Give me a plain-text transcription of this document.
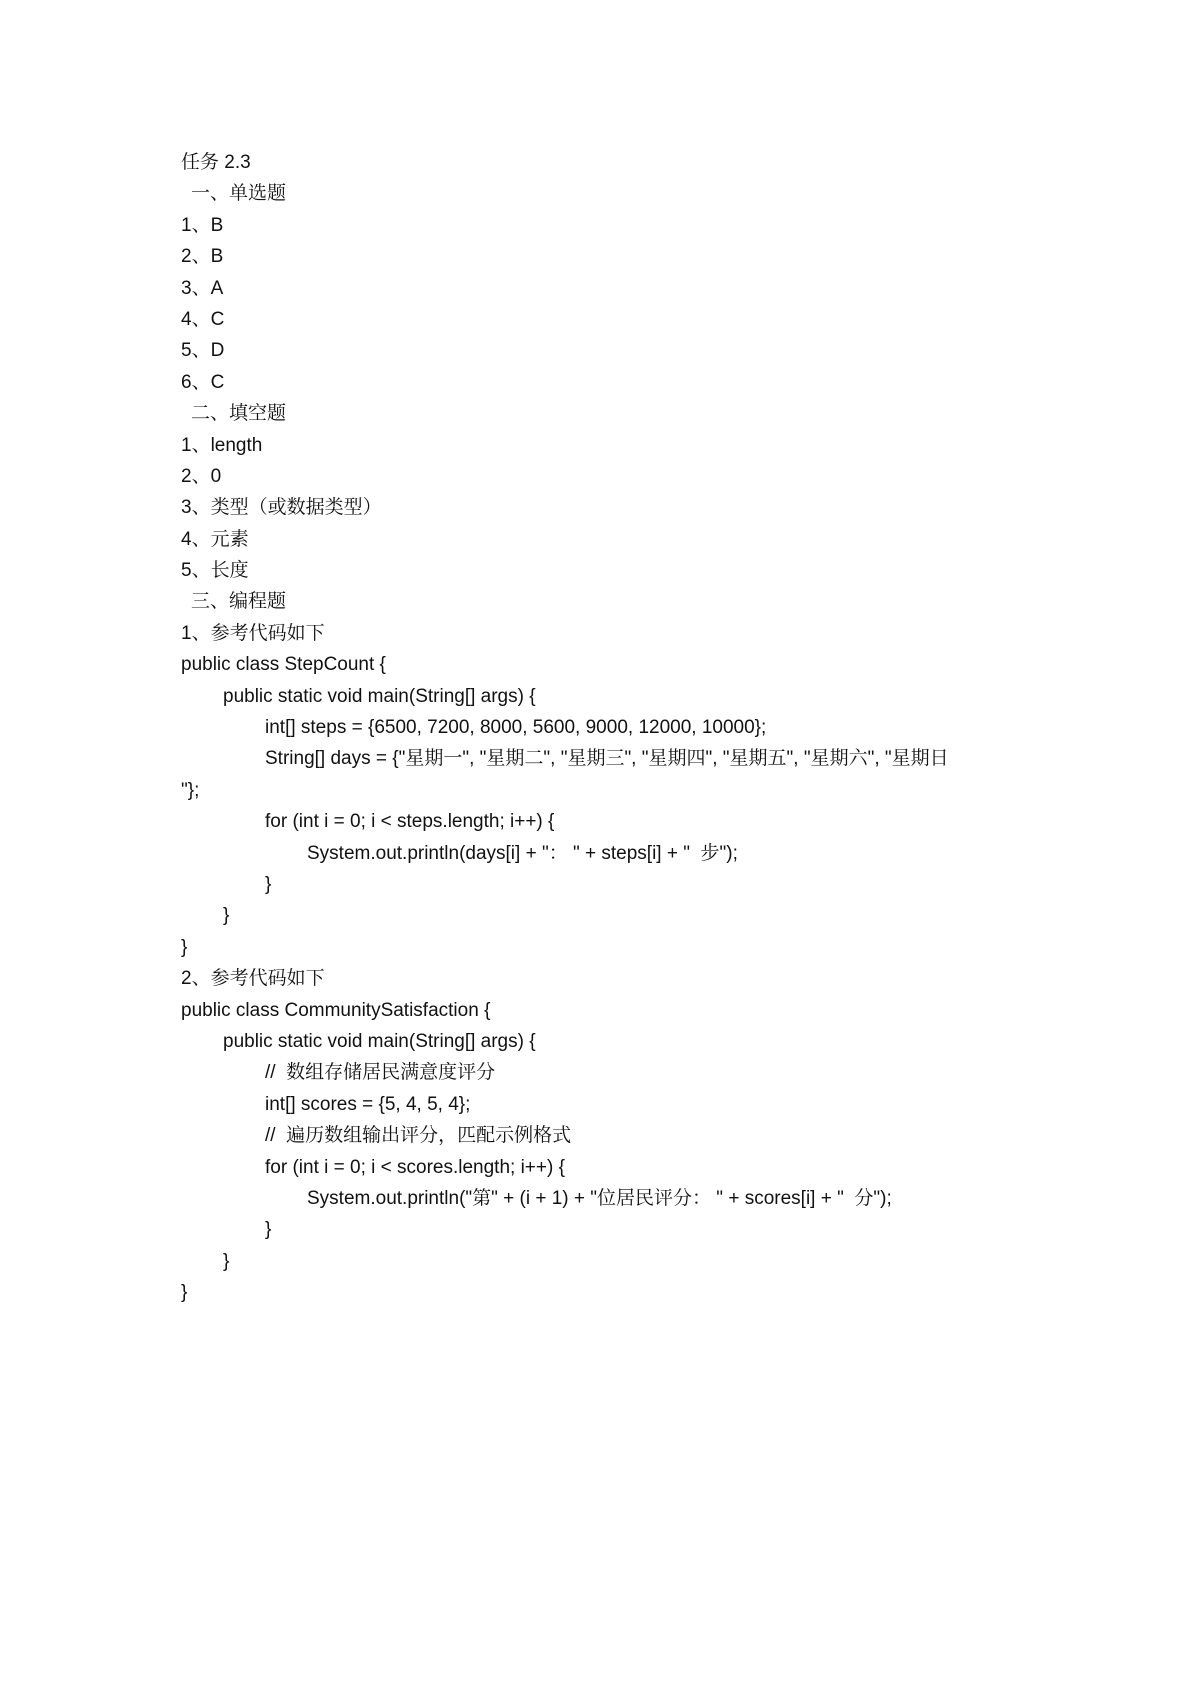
任务 2.3
一、单选题
1、B
2、B
3、A
4、C
5、D
6、C
二、填空题
1、length
2、0
3、类型（或数据类型）
4、元素
5、长度
三、编程题
1、参考代码如下
public class StepCount {
public static void main(String[] args) {
int[] steps = {6500, 7200, 8000, 5600, 9000, 12000, 10000};
String[] days = {"星期一", "星期二", "星期三", "星期四", "星期五", "星期六", "星期日
"};
for (int i = 0; i < steps.length; i++) {
System.out.println(days[i] + "： " + steps[i] + "  步");
}
}
}
2、参考代码如下
public class CommunitySatisfaction {
public static void main(String[] args) {
//  数组存储居民满意度评分
int[] scores = {5, 4, 5, 4};
//  遍历数组输出评分，匹配示例格式
for (int i = 0; i < scores.length; i++) {
System.out.println("第" + (i + 1) + "位居民评分： " + scores[i] + "  分");
}
}
}
